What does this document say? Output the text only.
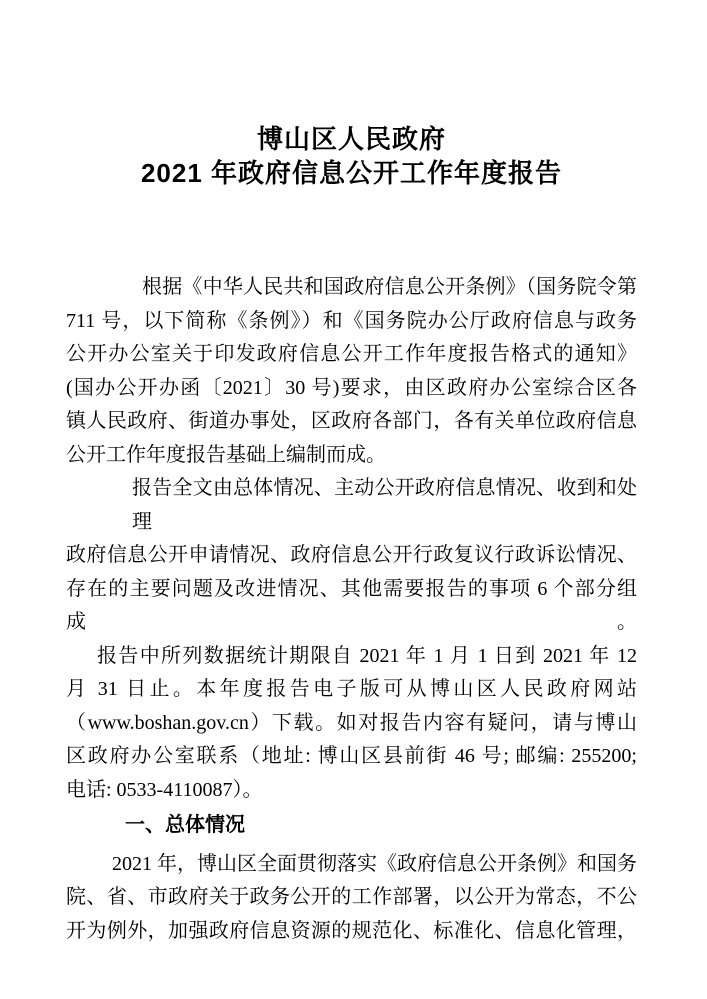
博山区人民政府
2021 年政府信息公开工作年度报告
根据《中华人民共和国政府信息公开条例》（国务院令第
711 号，以下简称《条例》）和《国务院办公厅政府信息与政务
公开办公室关于印发政府信息公开工作年度报告格式的通知》
(国办公开办函〔2021〕30 号)要求，由区政府办公室综合区各
镇人民政府、街道办事处，区政府各部门，各有关单位政府信息
公开工作年度报告基础上编制而成。
报告全文由总体情况、主动公开政府信息情况、收到和处理
政府信息公开申请情况、政府信息公开行政复议行政诉讼情况、
存在的主要问题及改进情况、其他需要报告的事项 6 个部分组成。
报告中所列数据统计期限自 2021 年 1 月 1 日到 2021 年 12
月 31 日止。本年度报告电子版可从博山区人民政府网站
（www.boshan.gov.cn）下载。如对报告内容有疑问，请与博山
区政府办公室联系（地址: 博山区县前街 46 号; 邮编: 255200;
电话: 0533-4110087）。
一、总体情况
2021 年，博山区全面贯彻落实《政府信息公开条例》和国务
院、省、市政府关于政务公开的工作部署，以公开为常态，不公
开为例外，加强政府信息资源的规范化、标准化、信息化管理，
